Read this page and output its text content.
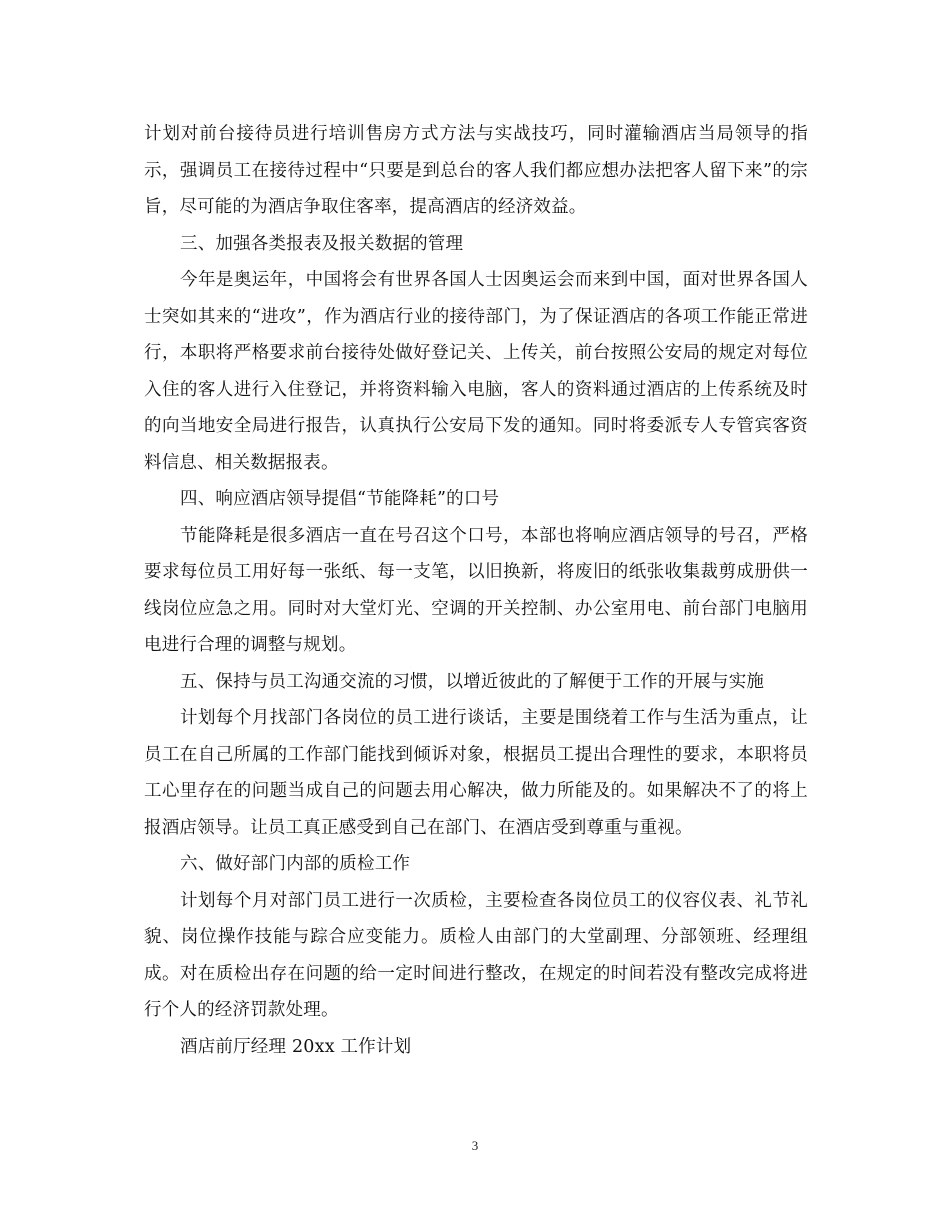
计划对前台接待员进行培训售房方式方法与实战技巧，同时灌输酒店当局领导的指示，强调员工在接待过程中“只要是到总台的客人我们都应想办法把客人留下来”的宗旨，尽可能的为酒店争取住客率，提高酒店的经济效益。

三、加强各类报表及报关数据的管理

今年是奥运年，中国将会有世界各国人士因奥运会而来到中国，面对世界各国人士突如其来的“进攻”，作为酒店行业的接待部门，为了保证酒店的各项工作能正常进行，本职将严格要求前台接待处做好登记关、上传关，前台按照公安局的规定对每位入住的客人进行入住登记，并将资料输入电脑，客人的资料通过酒店的上传系统及时的向当地安全局进行报告，认真执行公安局下发的通知。同时将委派专人专管宾客资料信息、相关数据报表。

四、响应酒店领导提倡“节能降耗”的口号

节能降耗是很多酒店一直在号召这个口号，本部也将响应酒店领导的号召，严格要求每位员工用好每一张纸、每一支笔，以旧换新，将废旧的纸张收集裁剪成册供一线岗位应急之用。同时对大堂灯光、空调的开关控制、办公室用电、前台部门电脑用电进行合理的调整与规划。

五、保持与员工沟通交流的习惯，以增近彼此的了解便于工作的开展与实施

计划每个月找部门各岗位的员工进行谈话，主要是围绕着工作与生活为重点，让员工在自己所属的工作部门能找到倾诉对象，根据员工提出合理性的要求，本职将员工心里存在的问题当成自己的问题去用心解决，做力所能及的。如果解决不了的将上报酒店领导。让员工真正感受到自己在部门、在酒店受到尊重与重视。

六、做好部门内部的质检工作

计划每个月对部门员工进行一次质检，主要检查各岗位员工的仪容仪表、礼节礼貌、岗位操作技能与踪合应变能力。质检人由部门的大堂副理、分部领班、经理组成。对在质检出存在问题的给一定时间进行整改，在规定的时间若没有整改完成将进行个人的经济罚款处理。

酒店前厅经理 20xx 工作计划

3
